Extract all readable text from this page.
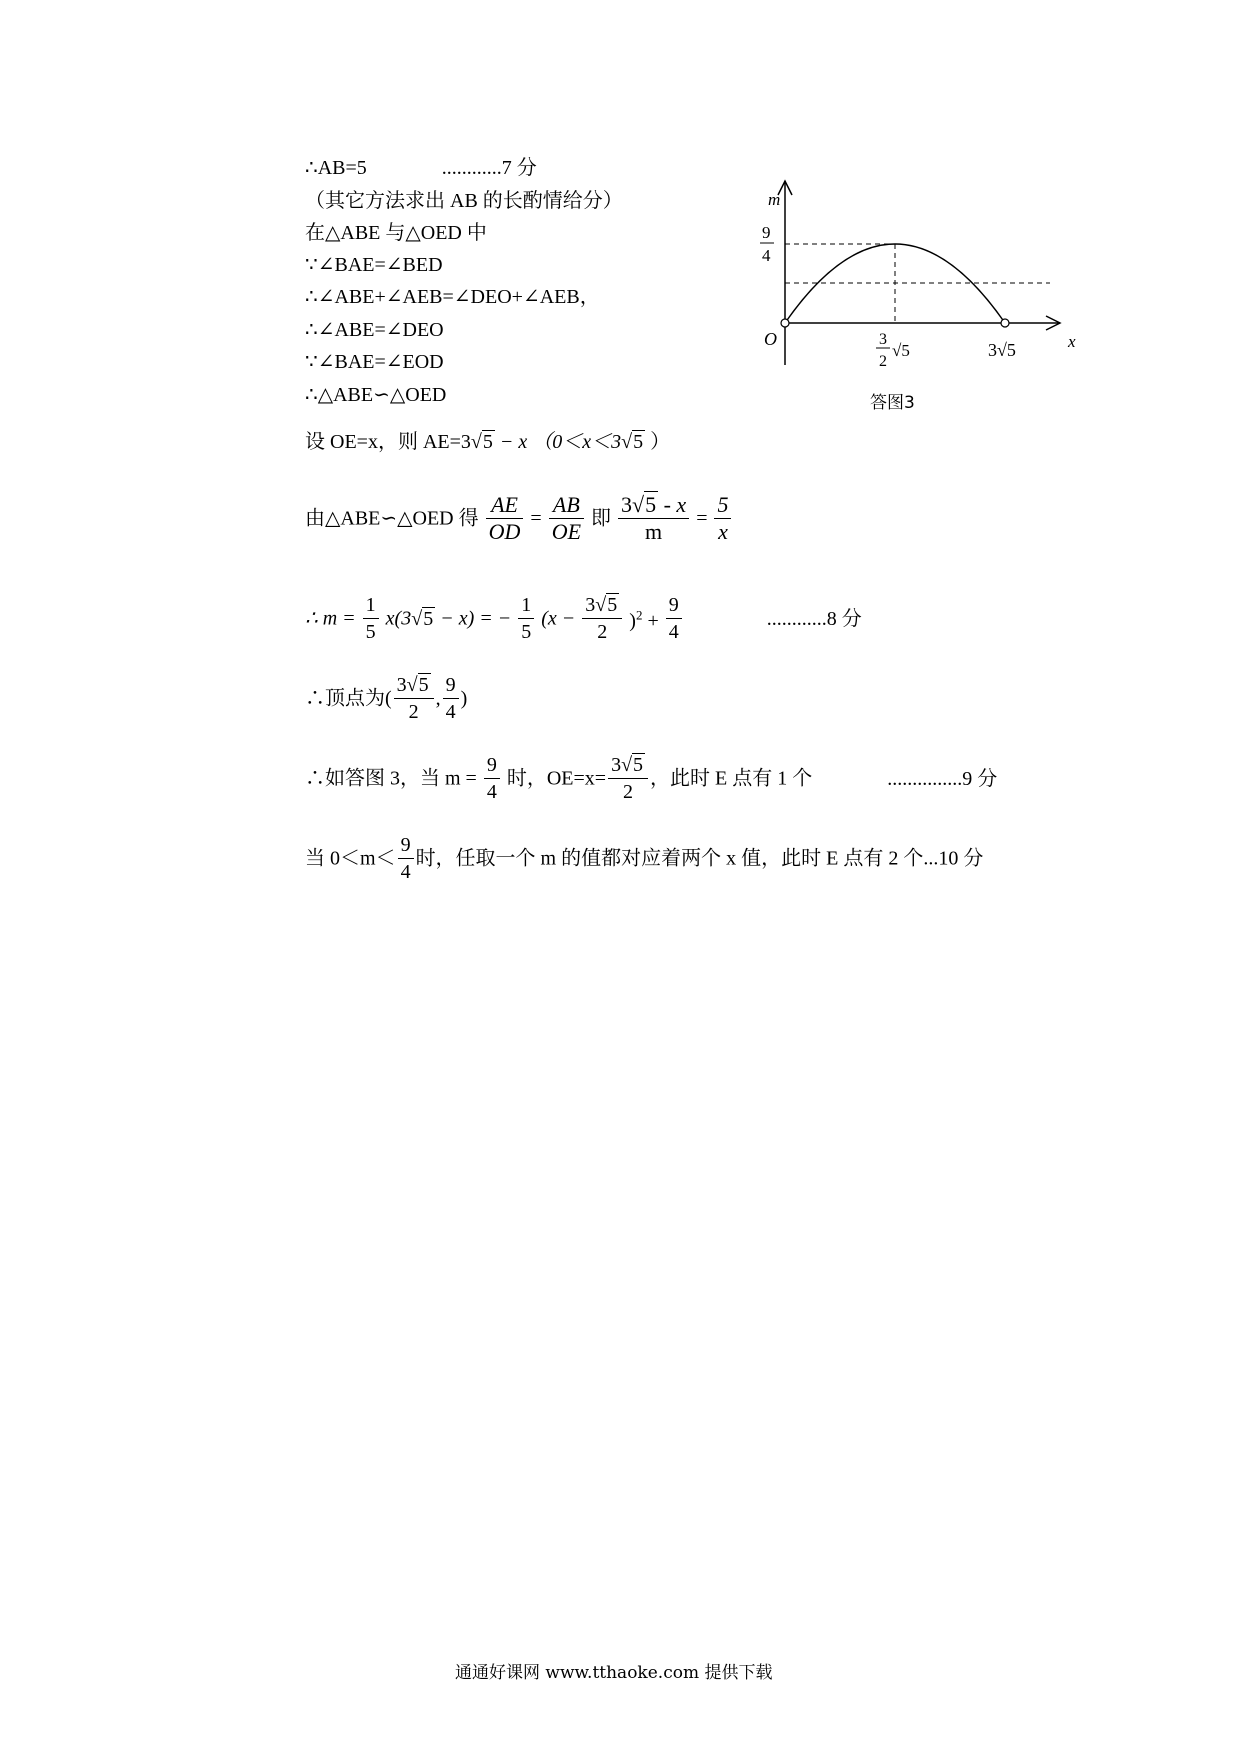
∴AB=5	............7 分
（其它方法求出 AB 的长酌情给分）
在△ABE 与△OED 中
∵∠BAE=∠BED
∴∠ABE+∠AEB=∠DEO+∠AEB，
∴∠ABE=∠DEO
∵∠BAE=∠EOD
∴△ABE∽△OED
设 OE=x，则 AE=3√5 − x （0＜x＜3√5 ）
由△ABE∽△OED 得 $\frac{AE}{OD} = \frac{AB}{OE}$ 即 $\frac{3√5 - x}{m} = \frac{5}{x}$
∴ $m = \frac{1}{5} x(3√5 - x)$ = − $\frac{1}{5} (x - \frac{3√5}{2} )^2 + \frac{9}{4}$	............8 分
∴顶点为( $\frac{3√5}{2}$ , $\frac{9}{4}$ )
∴如答图 3，当 $m = \frac{9}{4}$ 时，$OE=x= \frac{3√5}{2}$ ，此时 E 点有 1 个	...............9 分
当 $0<m< \frac{9}{4}$ 时，任取一个 m 的值都对应着两个 x 值，此时 E 点有 2 个...10 分
m
x
O
9
4
3
2
√5	3√5
答图3
通通好课网 www.tthaoke.com 提供下载
